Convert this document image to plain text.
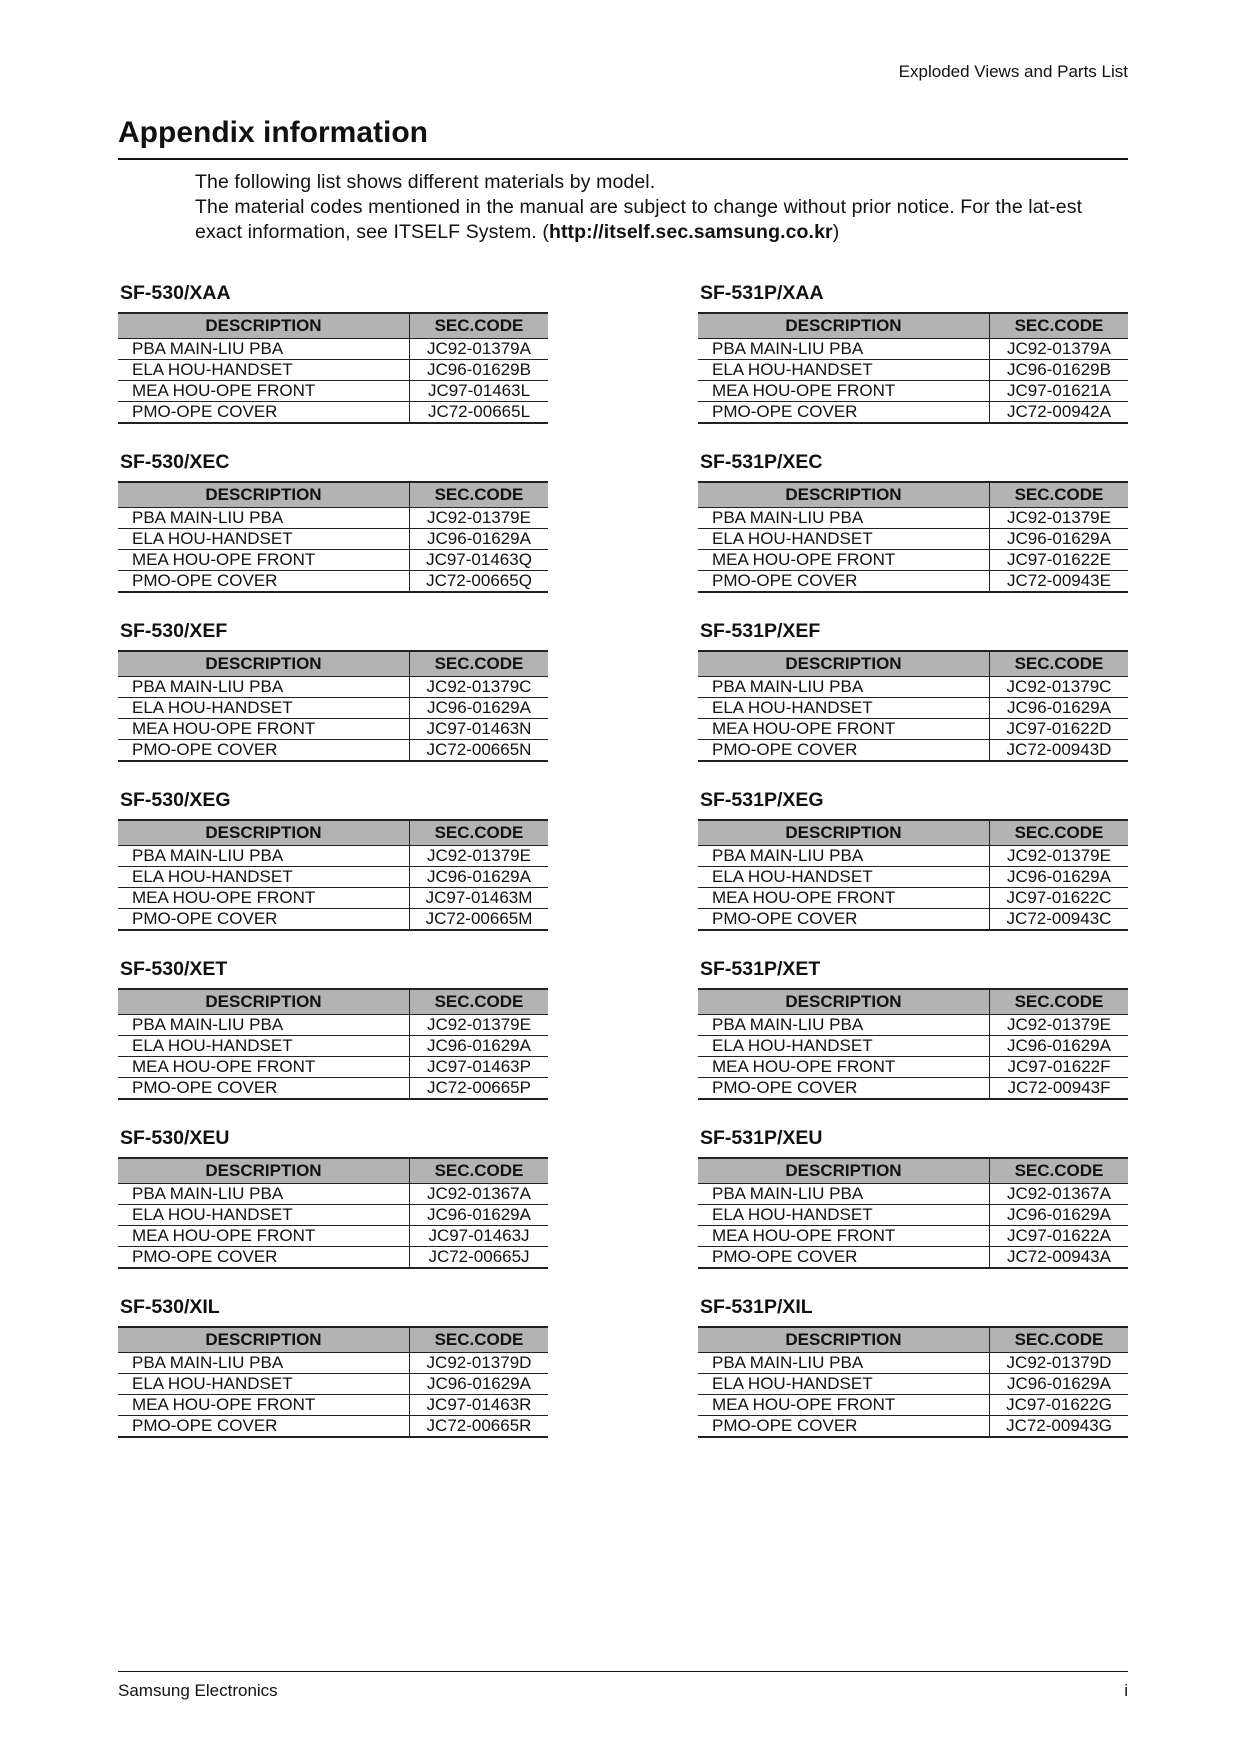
Exploded Views and Parts List
Appendix information
The following list shows different materials by model.
The material codes mentioned in the manual are subject to change without prior notice. For the lat-est exact information, see ITSELF System. (http://itself.sec.samsung.co.kr)
SF-530/XAA
DESCRIPTION	SEC.CODE
PBA MAIN-LIU PBA	JC92-01379A
ELA HOU-HANDSET	JC96-01629B
MEA HOU-OPE FRONT	JC97-01463L
PMO-OPE COVER	JC72-00665L
SF-531P/XAA
DESCRIPTION	SEC.CODE
PBA MAIN-LIU PBA	JC92-01379A
ELA HOU-HANDSET	JC96-01629B
MEA HOU-OPE FRONT	JC97-01621A
PMO-OPE COVER	JC72-00942A
SF-530/XEC
DESCRIPTION	SEC.CODE
PBA MAIN-LIU PBA	JC92-01379E
ELA HOU-HANDSET	JC96-01629A
MEA HOU-OPE FRONT	JC97-01463Q
PMO-OPE COVER	JC72-00665Q
SF-531P/XEC
DESCRIPTION	SEC.CODE
PBA MAIN-LIU PBA	JC92-01379E
ELA HOU-HANDSET	JC96-01629A
MEA HOU-OPE FRONT	JC97-01622E
PMO-OPE COVER	JC72-00943E
SF-530/XEF
DESCRIPTION	SEC.CODE
PBA MAIN-LIU PBA	JC92-01379C
ELA HOU-HANDSET	JC96-01629A
MEA HOU-OPE FRONT	JC97-01463N
PMO-OPE COVER	JC72-00665N
SF-531P/XEF
DESCRIPTION	SEC.CODE
PBA MAIN-LIU PBA	JC92-01379C
ELA HOU-HANDSET	JC96-01629A
MEA HOU-OPE FRONT	JC97-01622D
PMO-OPE COVER	JC72-00943D
SF-530/XEG
DESCRIPTION	SEC.CODE
PBA MAIN-LIU PBA	JC92-01379E
ELA HOU-HANDSET	JC96-01629A
MEA HOU-OPE FRONT	JC97-01463M
PMO-OPE COVER	JC72-00665M
SF-531P/XEG
DESCRIPTION	SEC.CODE
PBA MAIN-LIU PBA	JC92-01379E
ELA HOU-HANDSET	JC96-01629A
MEA HOU-OPE FRONT	JC97-01622C
PMO-OPE COVER	JC72-00943C
SF-530/XET
DESCRIPTION	SEC.CODE
PBA MAIN-LIU PBA	JC92-01379E
ELA HOU-HANDSET	JC96-01629A
MEA HOU-OPE FRONT	JC97-01463P
PMO-OPE COVER	JC72-00665P
SF-531P/XET
DESCRIPTION	SEC.CODE
PBA MAIN-LIU PBA	JC92-01379E
ELA HOU-HANDSET	JC96-01629A
MEA HOU-OPE FRONT	JC97-01622F
PMO-OPE COVER	JC72-00943F
SF-530/XEU
DESCRIPTION	SEC.CODE
PBA MAIN-LIU PBA	JC92-01367A
ELA HOU-HANDSET	JC96-01629A
MEA HOU-OPE FRONT	JC97-01463J
PMO-OPE COVER	JC72-00665J
SF-531P/XEU
DESCRIPTION	SEC.CODE
PBA MAIN-LIU PBA	JC92-01367A
ELA HOU-HANDSET	JC96-01629A
MEA HOU-OPE FRONT	JC97-01622A
PMO-OPE COVER	JC72-00943A
SF-530/XIL
DESCRIPTION	SEC.CODE
PBA MAIN-LIU PBA	JC92-01379D
ELA HOU-HANDSET	JC96-01629A
MEA HOU-OPE FRONT	JC97-01463R
PMO-OPE COVER	JC72-00665R
SF-531P/XIL
DESCRIPTION	SEC.CODE
PBA MAIN-LIU PBA	JC92-01379D
ELA HOU-HANDSET	JC96-01629A
MEA HOU-OPE FRONT	JC97-01622G
PMO-OPE COVER	JC72-00943G
Samsung Electronics	i
